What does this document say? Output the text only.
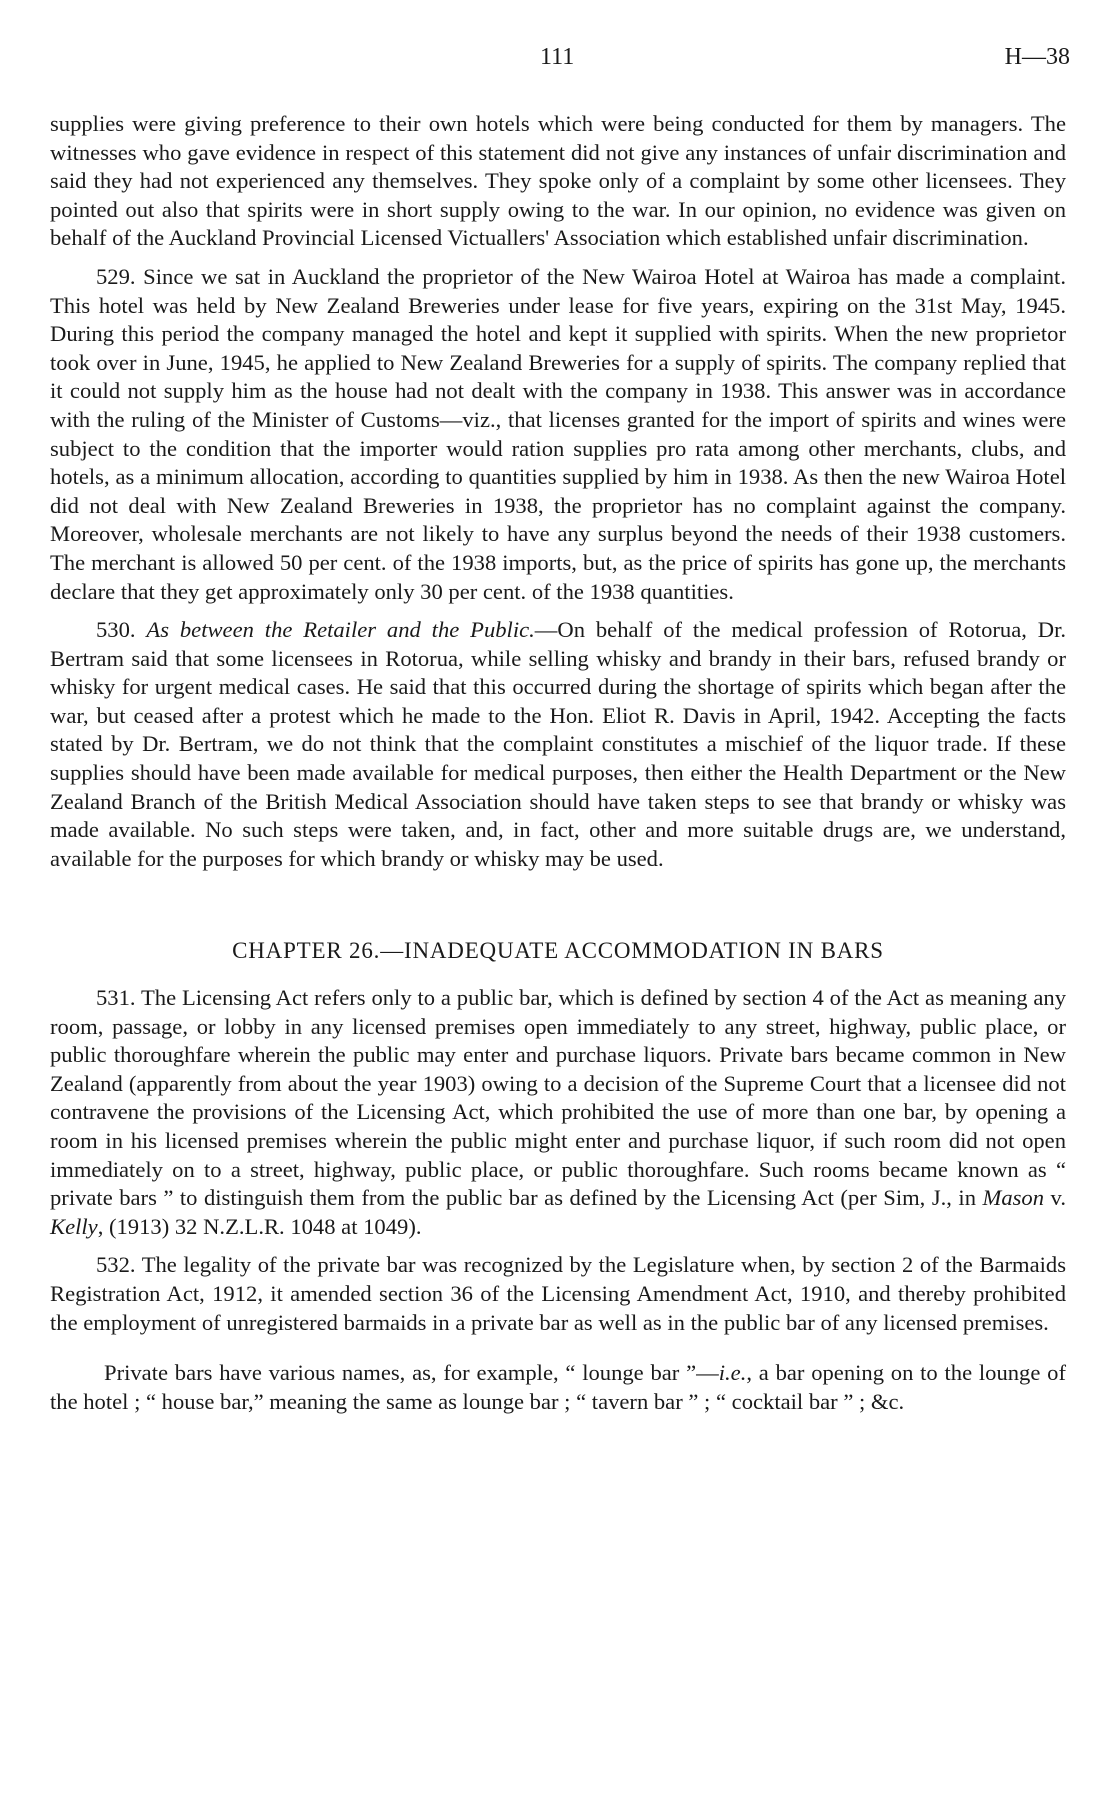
111	H—38

supplies were giving preference to their own hotels which were being conducted for them by managers. The witnesses who gave evidence in respect of this statement did not give any instances of unfair discrimination and said they had not experienced any themselves. They spoke only of a complaint by some other licensees. They pointed out also that spirits were in short supply owing to the war. In our opinion, no evidence was given on behalf of the Auckland Provincial Licensed Victuallers' Association which established unfair discrimination.

529. Since we sat in Auckland the proprietor of the New Wairoa Hotel at Wairoa has made a complaint. This hotel was held by New Zealand Breweries under lease for five years, expiring on the 31st May, 1945. During this period the company managed the hotel and kept it supplied with spirits. When the new proprietor took over in June, 1945, he applied to New Zealand Breweries for a supply of spirits. The company replied that it could not supply him as the house had not dealt with the company in 1938. This answer was in accordance with the ruling of the Minister of Customs—viz., that licenses granted for the import of spirits and wines were subject to the condition that the importer would ration supplies pro rata among other merchants, clubs, and hotels, as a minimum allocation, according to quantities supplied by him in 1938. As then the new Wairoa Hotel did not deal with New Zealand Breweries in 1938, the proprietor has no complaint against the company. Moreover, wholesale merchants are not likely to have any surplus beyond the needs of their 1938 customers. The merchant is allowed 50 per cent. of the 1938 imports, but, as the price of spirits has gone up, the merchants declare that they get approximately only 30 per cent. of the 1938 quantities.

530. As between the Retailer and the Public.—On behalf of the medical profession of Rotorua, Dr. Bertram said that some licensees in Rotorua, while selling whisky and brandy in their bars, refused brandy or whisky for urgent medical cases. He said that this occurred during the shortage of spirits which began after the war, but ceased after a protest which he made to the Hon. Eliot R. Davis in April, 1942. Accepting the facts stated by Dr. Bertram, we do not think that the complaint constitutes a mischief of the liquor trade. If these supplies should have been made available for medical purposes, then either the Health Department or the New Zealand Branch of the British Medical Association should have taken steps to see that brandy or whisky was made available. No such steps were taken, and, in fact, other and more suitable drugs are, we understand, available for the purposes for which brandy or whisky may be used.

CHAPTER 26.—INADEQUATE ACCOMMODATION IN BARS

531. The Licensing Act refers only to a public bar, which is defined by section 4 of the Act as meaning any room, passage, or lobby in any licensed premises open immediately to any street, highway, public place, or public thoroughfare wherein the public may enter and purchase liquors. Private bars became common in New Zealand (apparently from about the year 1903) owing to a decision of the Supreme Court that a licensee did not contravene the provisions of the Licensing Act, which prohibited the use of more than one bar, by opening a room in his licensed premises wherein the public might enter and purchase liquor, if such room did not open immediately on to a street, highway, public place, or public thoroughfare. Such rooms became known as “ private bars ” to distinguish them from the public bar as defined by the Licensing Act (per Sim, J., in Mason v. Kelly, (1913) 32 N.Z.L.R. 1048 at 1049).

532. The legality of the private bar was recognized by the Legislature when, by section 2 of the Barmaids Registration Act, 1912, it amended section 36 of the Licensing Amendment Act, 1910, and thereby prohibited the employment of unregistered barmaids in a private bar as well as in the public bar of any licensed premises.

Private bars have various names, as, for example, “ lounge bar ”—i.e., a bar opening on to the lounge of the hotel ; “ house bar,” meaning the same as lounge bar ; “ tavern bar ” ; “ cocktail bar ” ; &c.
